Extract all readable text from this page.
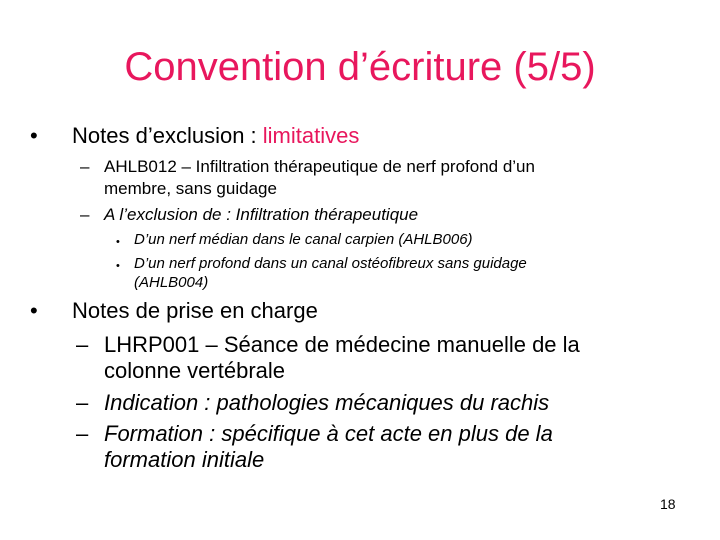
Convention d’écriture (5/5)
• Notes d’exclusion : limitatives
– AHLB012 – Infiltration thérapeutique de nerf profond d’un
membre, sans guidage
– A l’exclusion de : Infiltration thérapeutique
• D’un nerf médian dans le canal carpien (AHLB006)
• D’un nerf profond dans un canal ostéofibreux sans guidage
(AHLB004)
• Notes de prise en charge
– LHRP001 – Séance de médecine manuelle de la
colonne vertébrale
– Indication : pathologies mécaniques du rachis
– Formation : spécifique à cet acte en plus de la
formation initiale
18
